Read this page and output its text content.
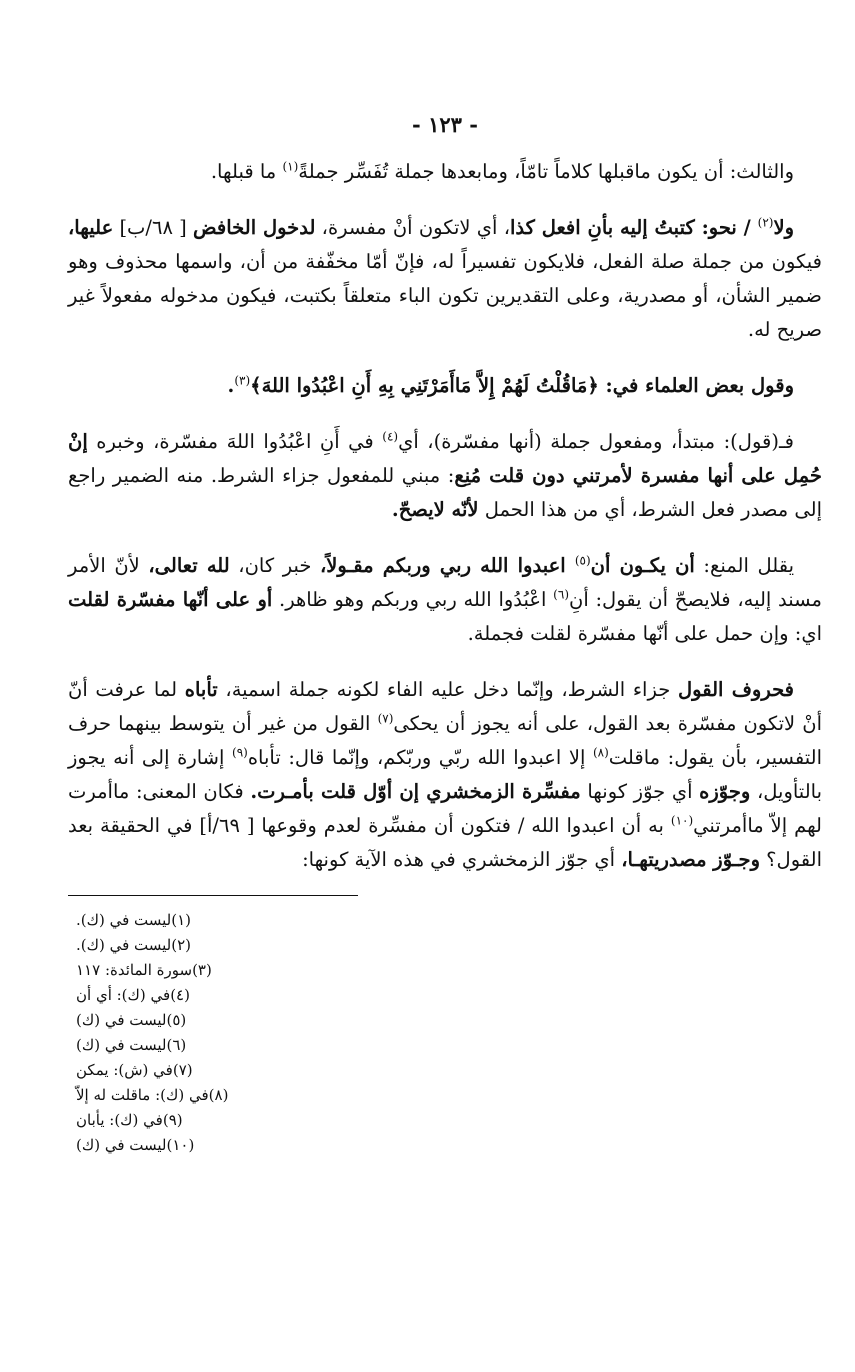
- ١٢٣ -

والثالث: أن يكون ماقبلها كلاماً تامّاً، ومابعدها جملة تُفَسِّر جملةً$^{(١)}$ ما قبلها.

ولا$^{(٢)}$ / نحو: كتبتُ إليه بأنِ افعل كذا، أي لاتكون أنْ مفسرة، لدخول الخافض [ ٦٨/ب] عليها، فيكون من جملة صلة الفعل، فلايكون تفسيراً له، فإنّ أمّا مخفّفة من أن، واسمها محذوف وهو ضمير الشأن، أو مصدرية، وعلى التقديرين تكون الباء متعلقاً بكتبت، فيكون مدخوله مفعولاً غير صريح له.

وقول بعض العلماء في: ﴿مَاقُلْتُ لَهُمْ إِلاَّ مَاأَمَرْتَنِي بِهِ أَنِ اعْبُدُوا اللهَ﴾$^{(٣)}$.

فـ(قول): مبتدأ، ومفعول جملة (أنها مفسّرة)، أي$^{(٤)}$ في أَنِ اعْبُدُوا اللهَ مفسّرة، وخبره إنْ حُمِل على أنها مفسرة لأمرتني دون قلت مُنِع: مبني للمفعول جزاء الشرط. منه الضمير راجع إلى مصدر فعل الشرط، أي من هذا الحمل لأنّه لايصحّ.

يقلل المنع: أن يكـون أن$^{(٥)}$ اعبدوا الله ربي وربكم مقـولاً، خبر كان، لله تعالى، لأنّ الأمر مسند إليه، فلايصحّ أن يقول: أنِ$^{(٦)}$ اعْبُدُوا الله ربي وربكم وهو ظاهر. أو على أنّها مفسّرة لقلت اي: وإن حمل على أنّها مفسّرة لقلت فجملة.

فحروف القول جزاء الشرط، وإنّما دخل عليه الفاء لكونه جملة اسمية، تأباه لما عرفت أنّ أنْ لاتكون مفسّرة بعد القول، على أنه يجوز أن يحكى$^{(٧)}$ القول من غير أن يتوسط بينهما حرف التفسير، بأن يقول: ماقلت$^{(٨)}$ إلا اعبدوا الله ربّي وربّكم، وإنّما قال: تأباه$^{(٩)}$ إشارة إلى أنه يجوز بالتأويل، وجوّزه أي جوّز كونها مفسِّرة الزمخشري إن أوّل قلت بأمـرت. فكان المعنى: ماأمرت لهم إلاّ ماأمرتني$^{(١٠)}$ به أن اعبدوا الله / فتكون أن مفسِّرة لعدم وقوعها [ ٦٩/أ] في الحقيقة بعد القول؟ وجـوّز مصدريتهـا، أي جوّز الزمخشري في هذه الآية كونها:

(١)ليست في (ك).
(٢)ليست في (ك).
(٣)سورة المائدة: ١١٧
(٤)في (ك): أي أن
(٥)ليست في (ك)
(٦)ليست في (ك)
(٧)في (ش): يمكن
(٨)في (ك): ماقلت له إلاّ
(٩)في (ك): يأبان
(١٠)ليست في (ك)
